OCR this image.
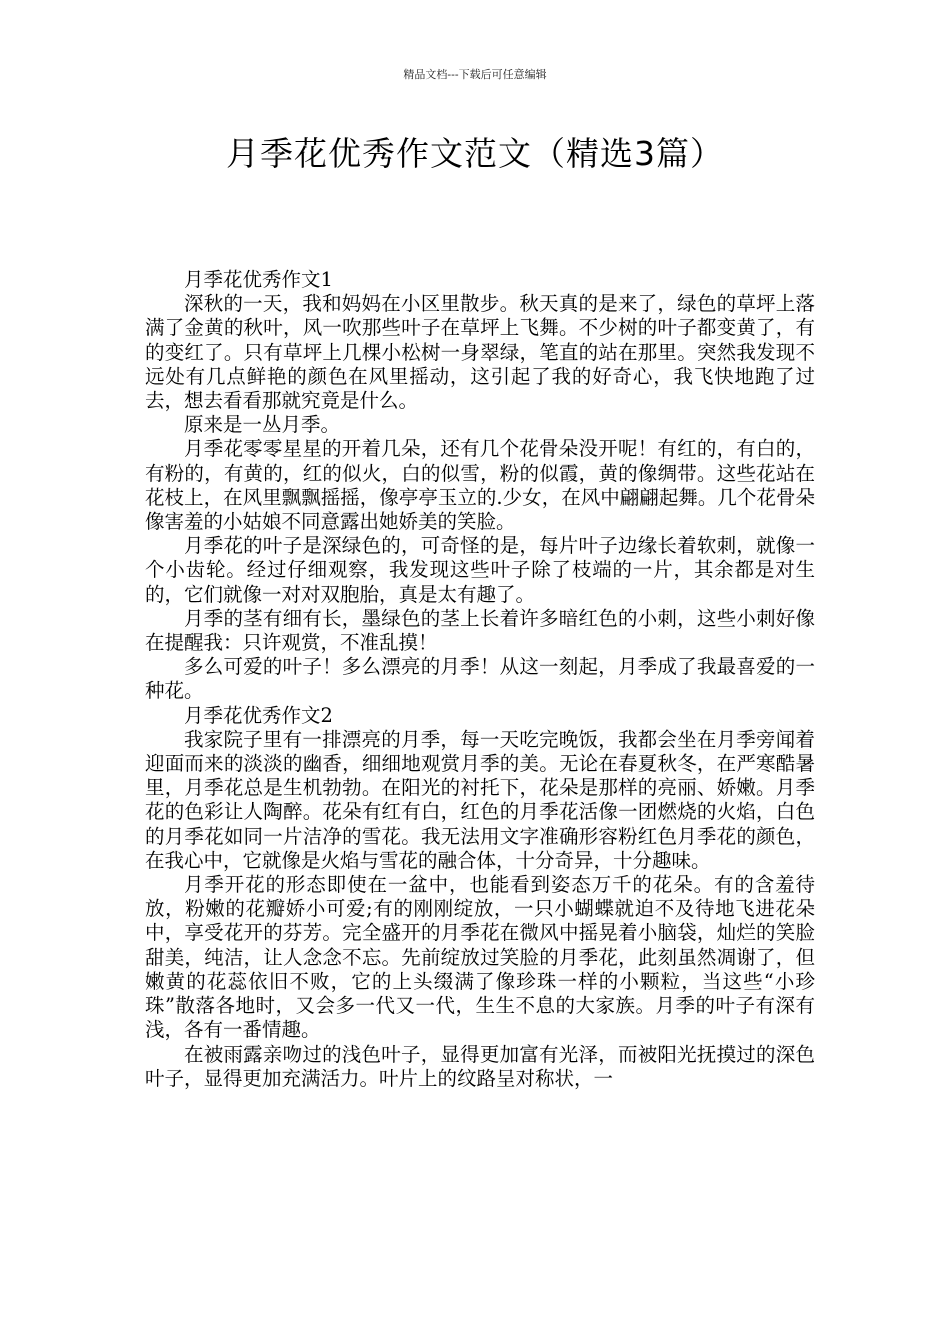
精品文档---下载后可任意编辑
月季花优秀作文范文（精选3篇）

月季花优秀作文1

深秋的一天，我和妈妈在小区里散步。秋天真的是来了，绿色的草坪上落满了金黄的秋叶，风一吹那些叶子在草坪上飞舞。不少树的叶子都变黄了，有的变红了。只有草坪上几棵小松树一身翠绿，笔直的站在那里。突然我发现不远处有几点鲜艳的颜色在风里摇动，这引起了我的好奇心，我飞快地跑了过去，想去看看那就究竟是什么。

原来是一丛月季。

月季花零零星星的开着几朵，还有几个花骨朵没开呢！有红的，有白的，有粉的，有黄的，红的似火，白的似雪，粉的似霞，黄的像绸带。这些花站在花枝上，在风里飘飘摇摇，像亭亭玉立的.少女，在风中翩翩起舞。几个花骨朵像害羞的小姑娘不同意露出她娇美的笑脸。

月季花的叶子是深绿色的，可奇怪的是，每片叶子边缘长着软刺，就像一个小齿轮。经过仔细观察，我发现这些叶子除了枝端的一片，其余都是对生的，它们就像一对对双胞胎，真是太有趣了。

月季的茎有细有长，墨绿色的茎上长着许多暗红色的小刺，这些小刺好像在提醒我：只许观赏，不准乱摸！

多么可爱的叶子！多么漂亮的月季！从这一刻起，月季成了我最喜爱的一种花。

月季花优秀作文2

我家院子里有一排漂亮的月季，每一天吃完晚饭，我都会坐在月季旁闻着迎面而来的淡淡的幽香，细细地观赏月季的美。无论在春夏秋冬，在严寒酷暑里，月季花总是生机勃勃。在阳光的衬托下，花朵是那样的亮丽、娇嫩。月季花的色彩让人陶醉。花朵有红有白，红色的月季花活像一团燃烧的火焰，白色的月季花如同一片洁净的雪花。我无法用文字准确形容粉红色月季花的颜色，在我心中，它就像是火焰与雪花的融合体，十分奇异，十分趣味。

月季开花的形态即使在一盆中，也能看到姿态万千的花朵。有的含羞待放，粉嫩的花瓣娇小可爱;有的刚刚绽放，一只小蝴蝶就迫不及待地飞进花朵中，享受花开的芬芳。完全盛开的月季花在微风中摇晃着小脑袋，灿烂的笑脸甜美，纯洁，让人念念不忘。先前绽放过笑脸的月季花，此刻虽然凋谢了，但嫩黄的花蕊依旧不败，它的上头缀满了像珍珠一样的小颗粒，当这些“小珍珠”散落各地时，又会多一代又一代，生生不息的大家族。月季的叶子有深有浅，各有一番情趣。

在被雨露亲吻过的浅色叶子，显得更加富有光泽，而被阳光抚摸过的深色叶子，显得更加充满活力。叶片上的纹路呈对称状，一
